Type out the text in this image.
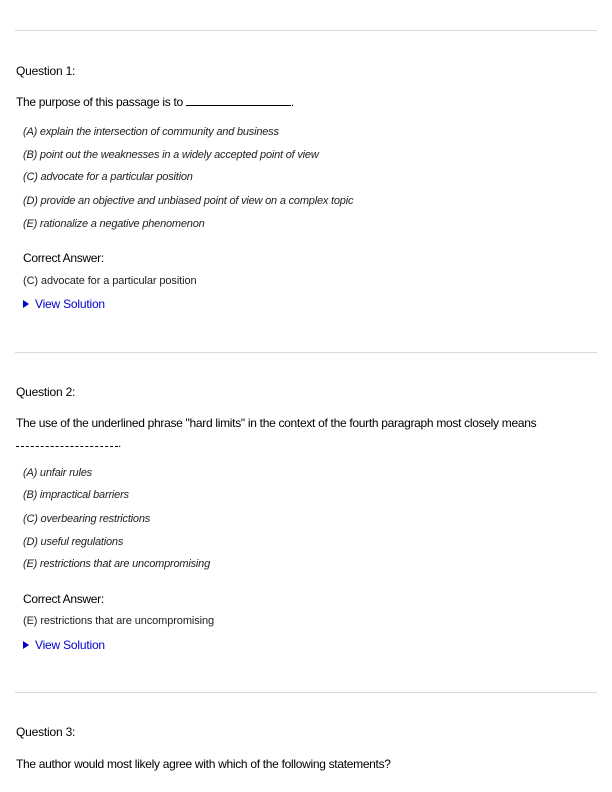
Question 1:
The purpose of this passage is to	.
(A) explain the intersection of community and business
(B) point out the weaknesses in a widely accepted point of view
(C) advocate for a particular position
(D) provide an objective and unbiased point of view on a complex topic
(E) rationalize a negative phenomenon
Correct Answer:
(C) advocate for a particular position
View Solution
Question 2:
The use of the underlined phrase "hard limits" in the context of the fourth paragraph most closely means
.
(A) unfair rules
(B) impractical barriers
(C) overbearing restrictions
(D) useful regulations
(E) restrictions that are uncompromising
Correct Answer:
(E) restrictions that are uncompromising
View Solution
Question 3:
The author would most likely agree with which of the following statements?
